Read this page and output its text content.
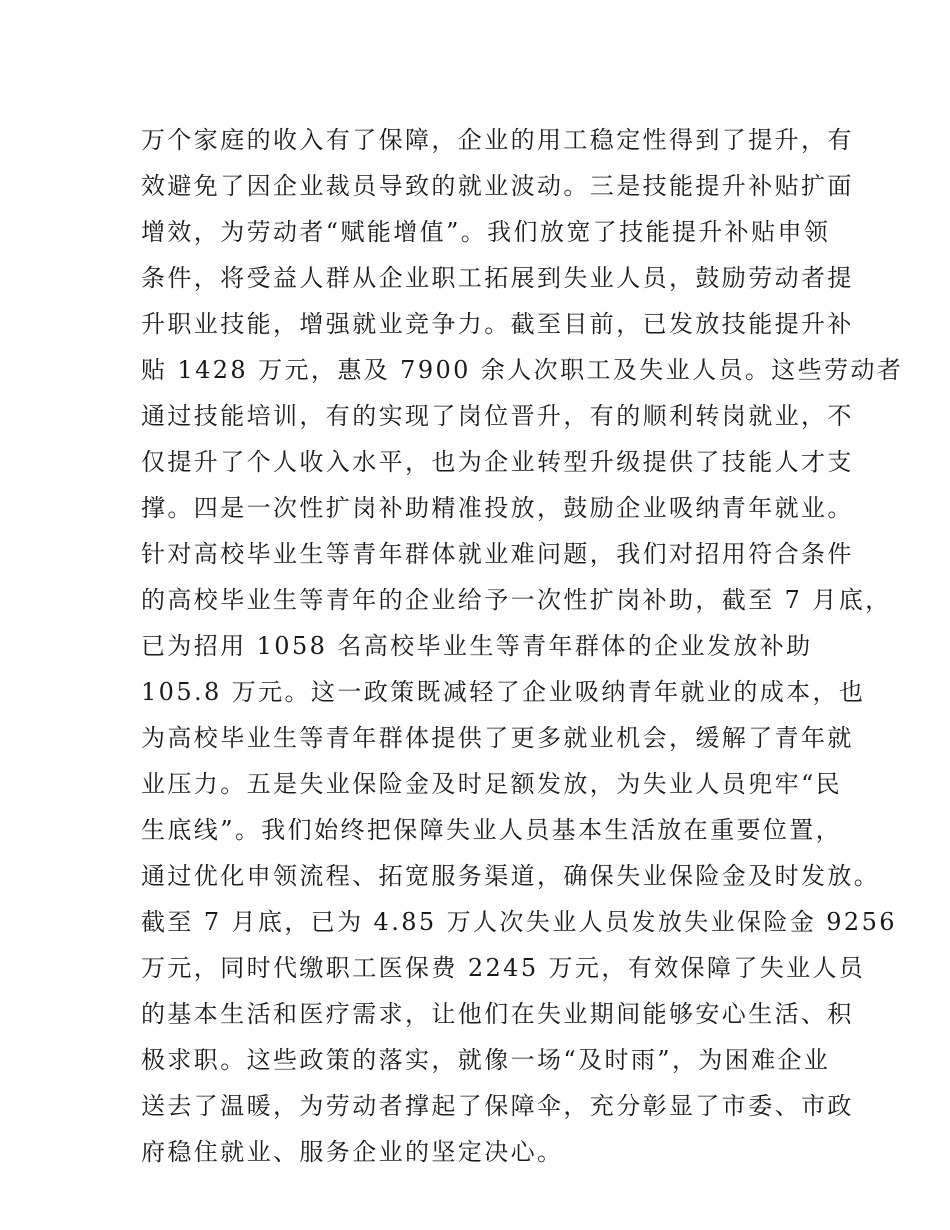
万个家庭的收入有了保障，企业的用工稳定性得到了提升，有
效避免了因企业裁员导致的就业波动。三是技能提升补贴扩面
增效，为劳动者“赋能增值”。我们放宽了技能提升补贴申领
条件，将受益人群从企业职工拓展到失业人员，鼓励劳动者提
升职业技能，增强就业竞争力。截至目前，已发放技能提升补
贴 1428 万元，惠及 7900 余人次职工及失业人员。这些劳动者
通过技能培训，有的实现了岗位晋升，有的顺利转岗就业，不
仅提升了个人收入水平，也为企业转型升级提供了技能人才支
撑。四是一次性扩岗补助精准投放，鼓励企业吸纳青年就业。
针对高校毕业生等青年群体就业难问题，我们对招用符合条件
的高校毕业生等青年的企业给予一次性扩岗补助，截至 7 月底，
已为招用 1058 名高校毕业生等青年群体的企业发放补助
105.8 万元。这一政策既减轻了企业吸纳青年就业的成本，也
为高校毕业生等青年群体提供了更多就业机会，缓解了青年就
业压力。五是失业保险金及时足额发放，为失业人员兜牢“民
生底线”。我们始终把保障失业人员基本生活放在重要位置，
通过优化申领流程、拓宽服务渠道，确保失业保险金及时发放。
截至 7 月底，已为 4.85 万人次失业人员发放失业保险金 9256
万元，同时代缴职工医保费 2245 万元，有效保障了失业人员
的基本生活和医疗需求，让他们在失业期间能够安心生活、积
极求职。这些政策的落实，就像一场“及时雨”，为困难企业
送去了温暖，为劳动者撑起了保障伞，充分彰显了市委、市政
府稳住就业、服务企业的坚定决心。
